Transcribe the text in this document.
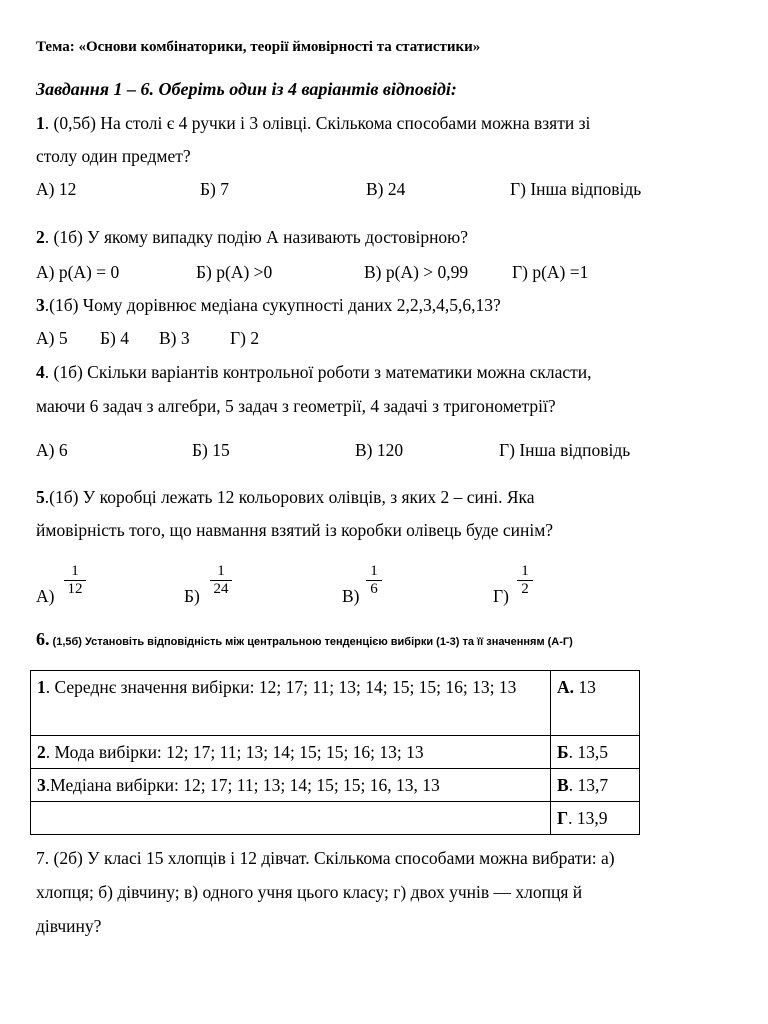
Тема: «Основи комбінаторики, теорії ймовірності та статистики»
Завдання 1 – 6. Оберіть один із 4 варіантів відповіді:
1. (0,5б) На столі є 4 ручки і 3 олівці. Скількома способами можна взяти зі
столу один предмет?
А) 12	Б) 7	В) 24	Г) Інша відповідь
2. (1б) У якому випадку подію А називають достовірною?
А) р(А) = 0	Б) р(А) >0	В) р(А) > 0,99	Г) р(А) =1
3.(1б) Чому дорівнює медіана сукупності даних 2,2,3,4,5,6,13?
А) 5 Б) 4 В) 3 Г) 2
4. (1б) Скільки варіантів контрольної роботи з математики можна скласти,
маючи 6 задач з алгебри, 5 задач з геометрії, 4 задачі з тригонометрії?
А) 6	Б) 15	В) 120	Г) Інша відповідь
5.(1б) У коробці лежать 12 кольорових олівців, з яких 2 – сині. Яка
ймовірність того, що навмання взятий із коробки олівець буде синім?
$А) \frac{1}{12}$	$Б) \frac{1}{24}$	$В) \frac{1}{6}$	$Г) \frac{1}{2}$
6. (1,5б) Установіть відповідність між центральною тенденцією вибірки (1-3) та її значенням (А-Г)
1. Середнє значення вибірки: 12; 17; 11; 13; 14; 15; 15; 16; 13; 13	А. 13
2. Мода вибірки: 12; 17; 11; 13; 14; 15; 15; 16; 13; 13	Б. 13,5
3.Медіана вибірки: 12; 17; 11; 13; 14; 15; 15; 16, 13, 13	В. 13,7
	Г. 13,9
7. (2б) У класі 15 хлопців і 12 дівчат. Скількома способами можна вибрати: а)
хлопця; б) дівчину; в) одного учня цього класу; г) двох учнів — хлопця й
дівчину?
